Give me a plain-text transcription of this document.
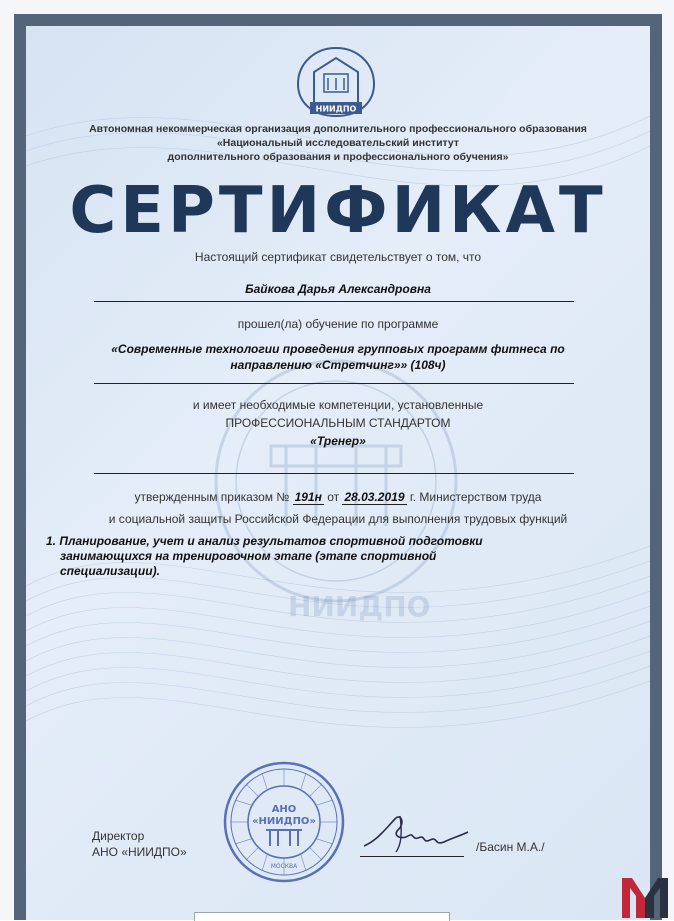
НИИДПО
НИИДПО
Автономная некоммерческая организация дополнительного профессионального образования
«Национальный исследовательский институт
дополнительного образования и профессионального обучения»
СЕРТИФИКАТ
Настоящий сертификат свидетельствует о том, что
Байкова Дарья Александровна
прошел(ла) обучение по программе
«Современные технологии проведения групповых программ фитнеса по
направлению «Стретчинг»» (108ч)
и имеет необходимые компетенции, установленные
ПРОФЕССИОНАЛЬНЫМ СТАНДАРТОМ
«Тренер»
утвержденным приказом № 191н от 28.03.2019 г. Министерством труда
и социальной защиты Российской Федерации для выполнения трудовых функций
1. Планирование, учет и анализ результатов спортивной подготовки
занимающихся на тренировочном этапе (этапе спортивной
специализации).
Директор
АНО «НИИДПО»
АНО
«НИИДПО»
МОСКВА
/Басин М.А./
